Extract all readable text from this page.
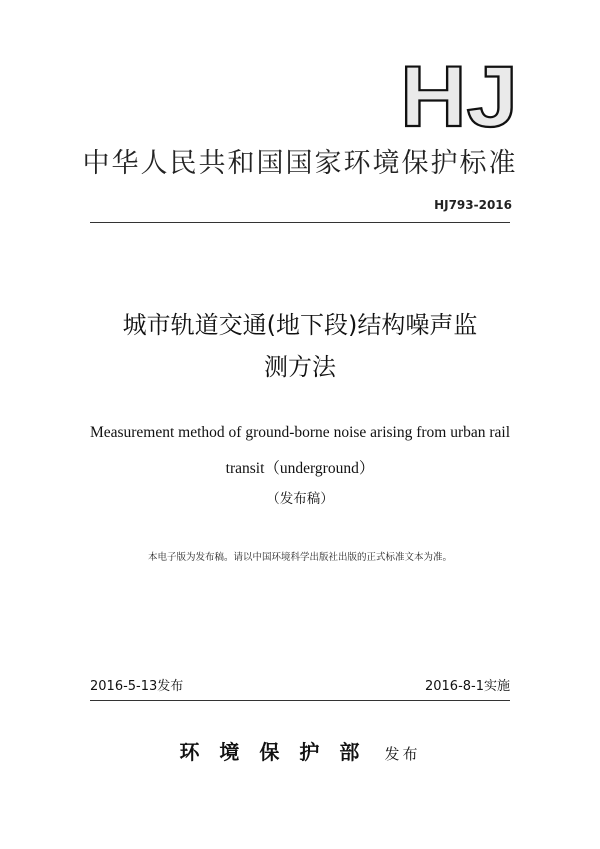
HJ
中华人民共和国国家环境保护标准
HJ793-2016
城市轨道交通(地下段)结构噪声监
测方法
Measurement method of ground-borne noise arising from urban rail
transit（underground）
（发布稿）
本电子版为发布稿。请以中国环境科学出版社出版的正式标准文本为准。
2016-5-13发布	2016-8-1实施
环境保护部 发布
